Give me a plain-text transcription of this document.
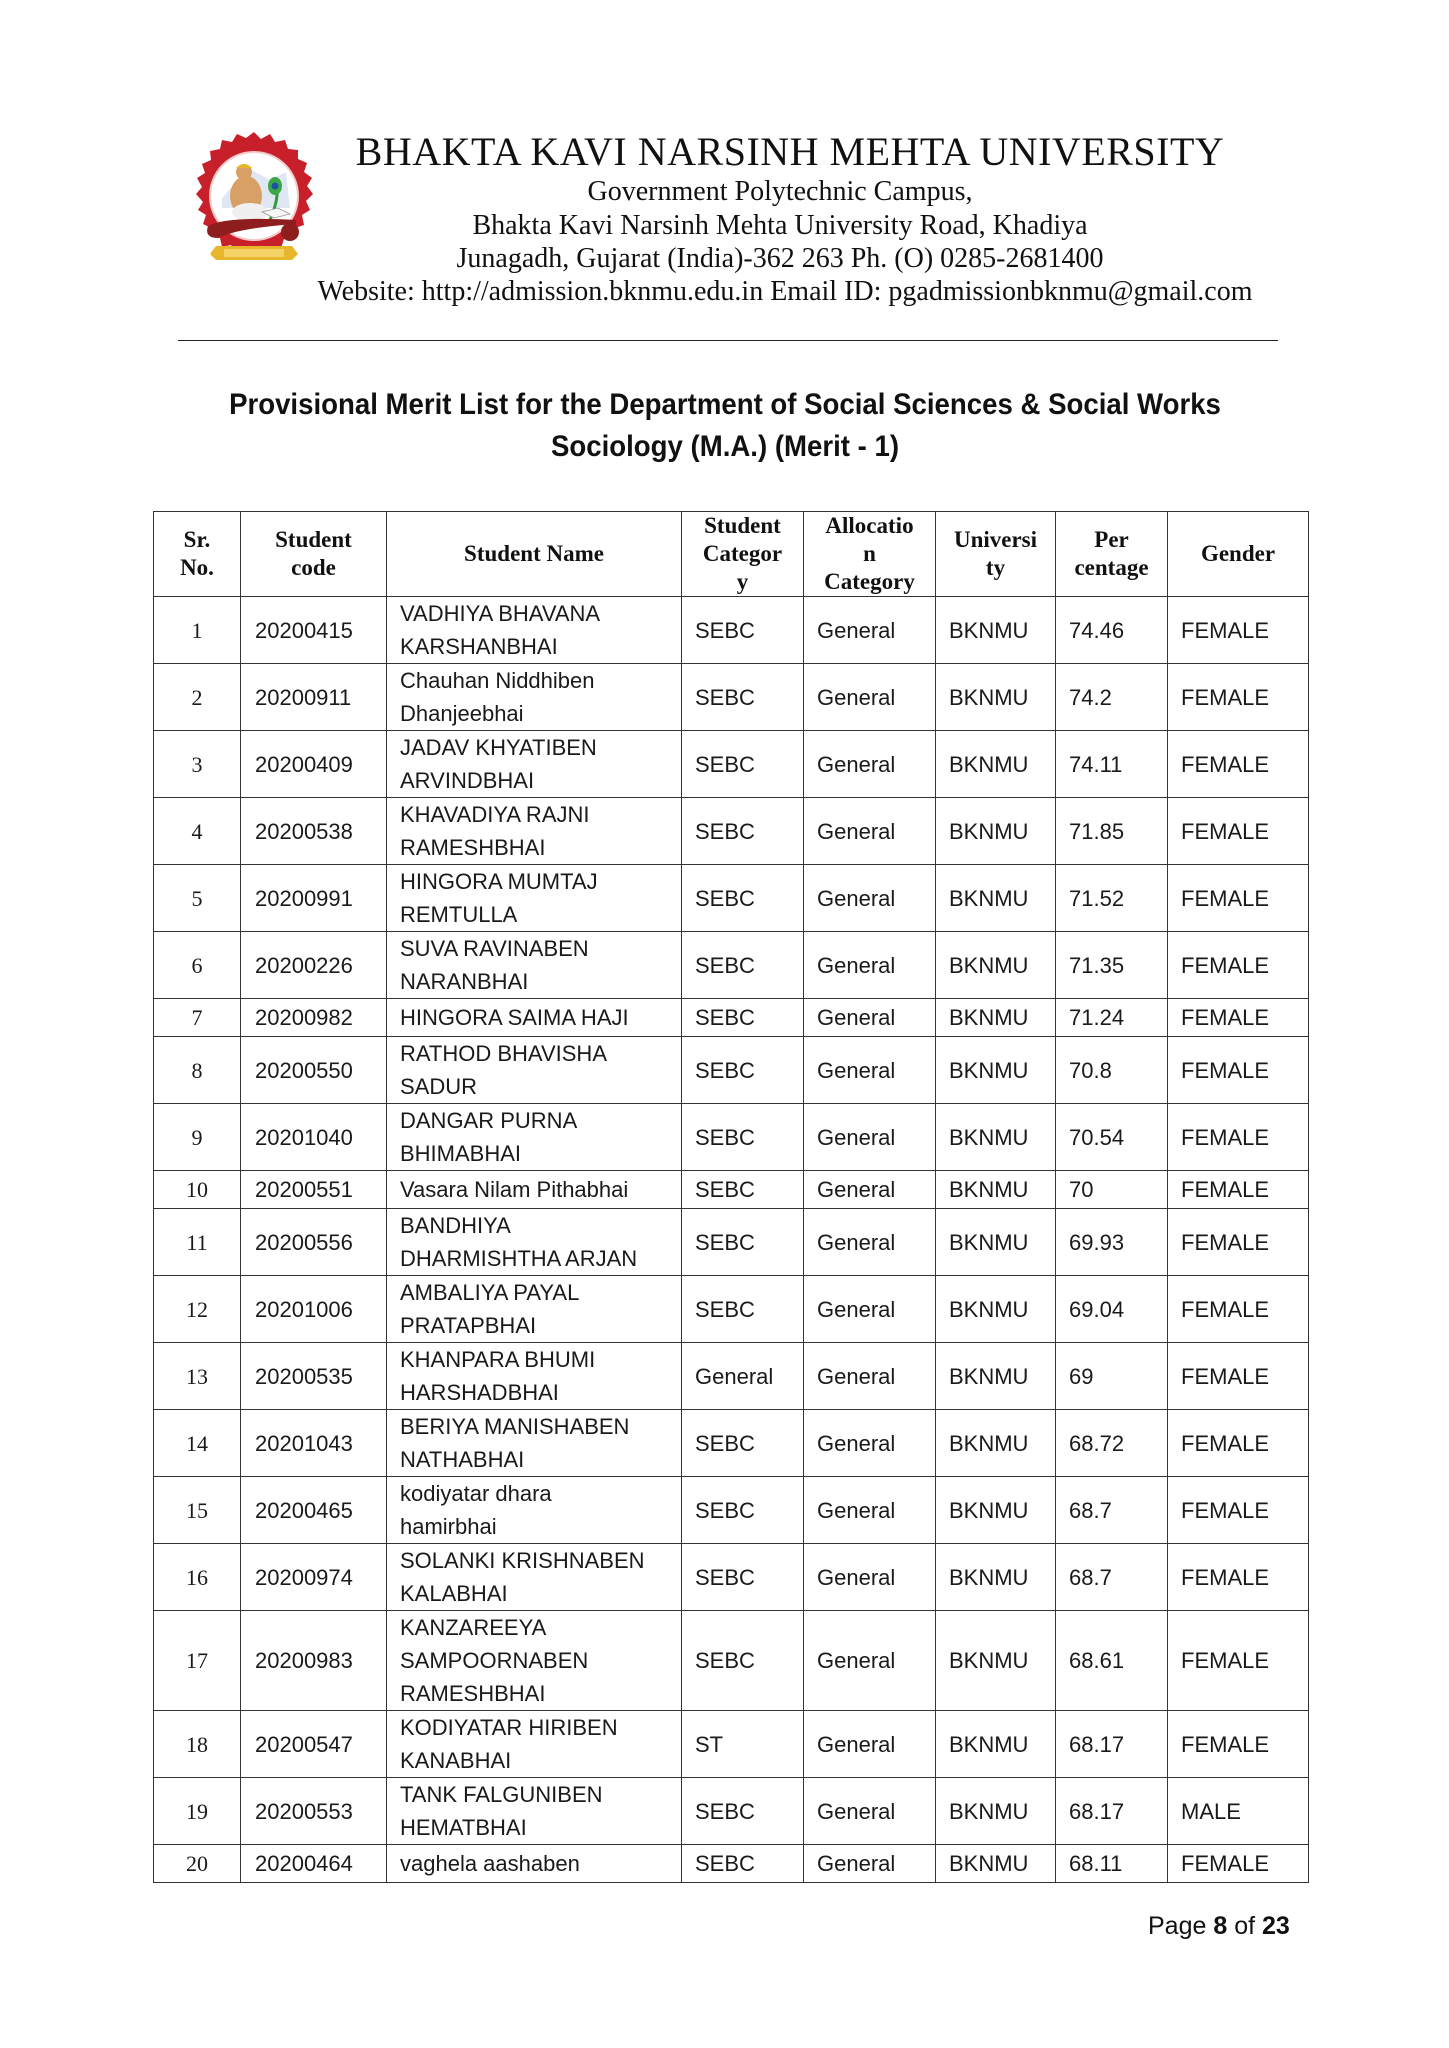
JUNAGADH
BHAKTA KAVI NARSINH MEHTA UNIVERSITY
Government Polytechnic Campus,
Bhakta Kavi Narsinh Mehta University Road, Khadiya
Junagadh, Gujarat (India)-362 263 Ph. (O) 0285-2681400
Website: http://admission.bknmu.edu.in Email ID: pgadmissionbknmu@gmail.com
Provisional Merit List for the Department of Social Sciences & Social Works
Sociology (M.A.) (Merit - 1)
Sr.
No.	Student
code	Student Name	Student
Categor
y	Allocatio
n
Category	Universi
ty	Per
centage	Gender
1	20200415	VADHIYA BHAVANA
KARSHANBHAI	SEBC	General	BKNMU	74.46	FEMALE
2	20200911	Chauhan Niddhiben
Dhanjeebhai	SEBC	General	BKNMU	74.2	FEMALE
3	20200409	JADAV KHYATIBEN
ARVINDBHAI	SEBC	General	BKNMU	74.11	FEMALE
4	20200538	KHAVADIYA RAJNI
RAMESHBHAI	SEBC	General	BKNMU	71.85	FEMALE
5	20200991	HINGORA MUMTAJ
REMTULLA	SEBC	General	BKNMU	71.52	FEMALE
6	20200226	SUVA RAVINABEN
NARANBHAI	SEBC	General	BKNMU	71.35	FEMALE
7	20200982	HINGORA SAIMA HAJI	SEBC	General	BKNMU	71.24	FEMALE
8	20200550	RATHOD BHAVISHA
SADUR	SEBC	General	BKNMU	70.8	FEMALE
9	20201040	DANGAR PURNA
BHIMABHAI	SEBC	General	BKNMU	70.54	FEMALE
10	20200551	Vasara Nilam Pithabhai	SEBC	General	BKNMU	70	FEMALE
11	20200556	BANDHIYA
DHARMISHTHA ARJAN	SEBC	General	BKNMU	69.93	FEMALE
12	20201006	AMBALIYA PAYAL
PRATAPBHAI	SEBC	General	BKNMU	69.04	FEMALE
13	20200535	KHANPARA BHUMI
HARSHADBHAI	General	General	BKNMU	69	FEMALE
14	20201043	BERIYA MANISHABEN
NATHABHAI	SEBC	General	BKNMU	68.72	FEMALE
15	20200465	kodiyatar dhara
hamirbhai	SEBC	General	BKNMU	68.7	FEMALE
16	20200974	SOLANKI KRISHNABEN
KALABHAI	SEBC	General	BKNMU	68.7	FEMALE
17	20200983	KANZAREEYA
SAMPOORNABEN
RAMESHBHAI	SEBC	General	BKNMU	68.61	FEMALE
18	20200547	KODIYATAR HIRIBEN
KANABHAI	ST	General	BKNMU	68.17	FEMALE
19	20200553	TANK FALGUNIBEN
HEMATBHAI	SEBC	General	BKNMU	68.17	MALE
20	20200464	vaghela aashaben	SEBC	General	BKNMU	68.11	FEMALE
Page 8 of 23
